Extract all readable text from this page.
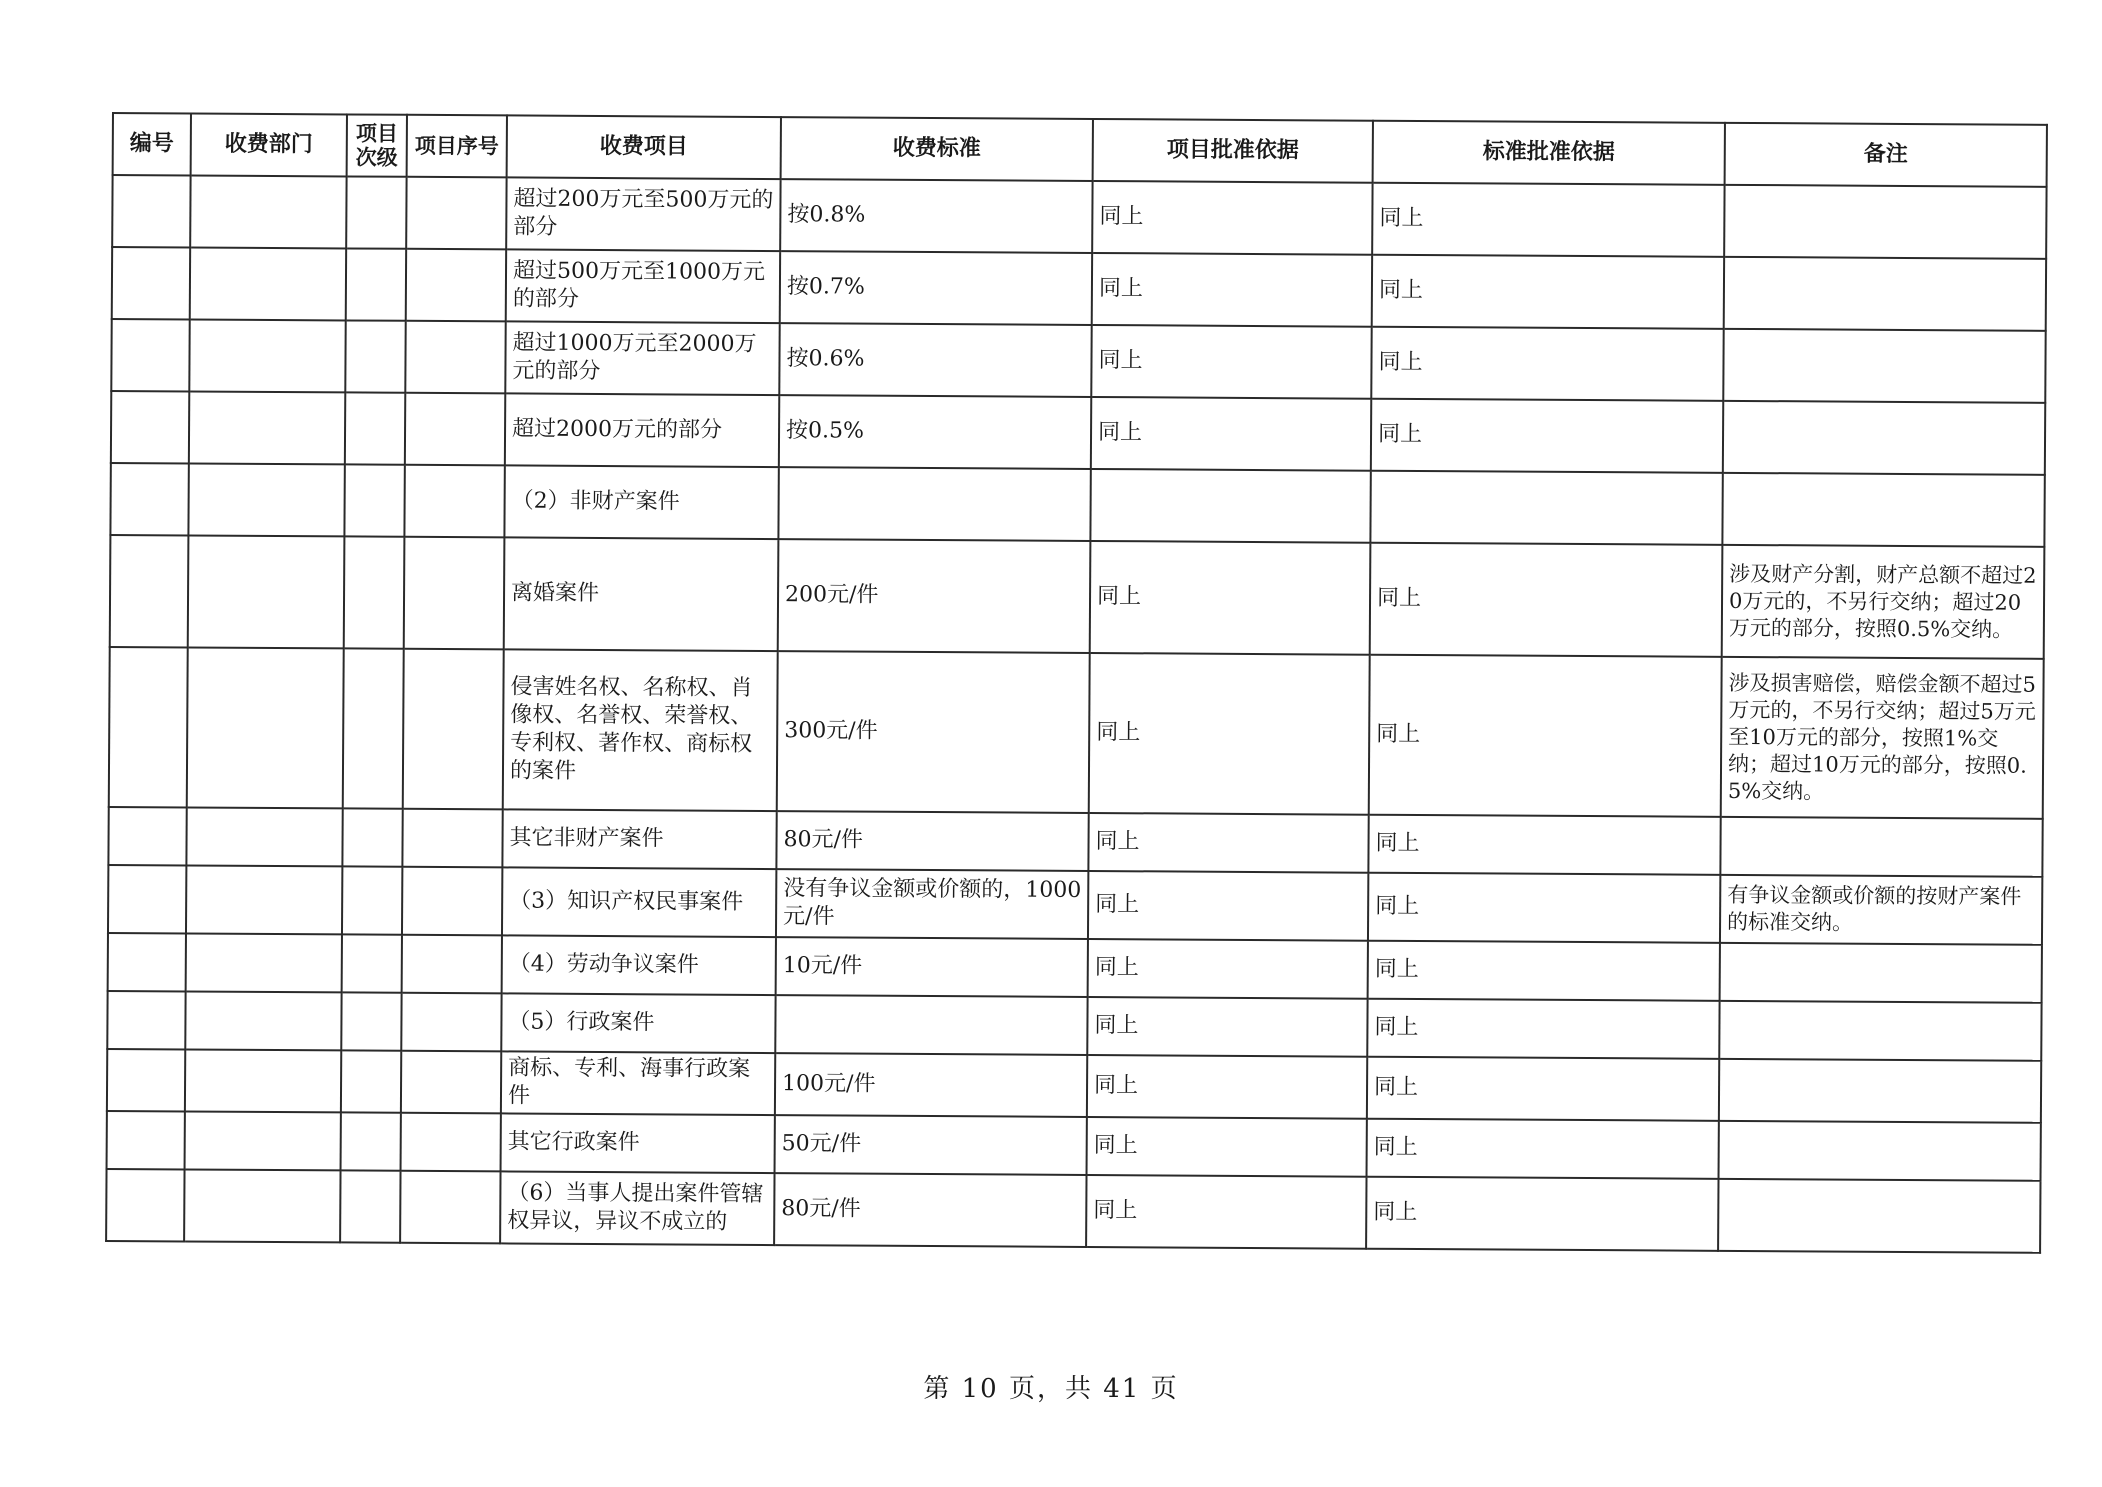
编号	收费部门	项目次级	项目序号	收费项目	收费标准	项目批准依据	标准批准依据	备注

				超过200万元至500万元的部分	按0.8%	同上	同上	

				超过500万元至1000万元的部分	按0.7%	同上	同上	

				超过1000万元至2000万元的部分	按0.6%	同上	同上	

				超过2000万元的部分	按0.5%	同上	同上	

				（2）非财产案件				

				离婚案件	200元/件	同上	同上	涉及财产分割，财产总额不超过20万元的，不另行交纳；超过20万元的部分，按照0.5%交纳。

				侵害姓名权、名称权、肖像权、名誉权、荣誉权、专利权、著作权、商标权的案件	300元/件	同上	同上	涉及损害赔偿，赔偿金额不超过5万元的，不另行交纳；超过5万元至10万元的部分，按照1%交纳；超过10万元的部分，按照0.5%交纳。

				其它非财产案件	80元/件	同上	同上	

				（3）知识产权民事案件	没有争议金额或价额的，1000元/件	同上	同上	有争议金额或价额的按财产案件的标准交纳。

				（4）劳动争议案件	10元/件	同上	同上	

				（5）行政案件		同上	同上	

				商标、专利、海事行政案件	100元/件	同上	同上	

				其它行政案件	50元/件	同上	同上	

				（6）当事人提出案件管辖权异议，异议不成立的	80元/件	同上	同上	

第 10 页，共 41 页
